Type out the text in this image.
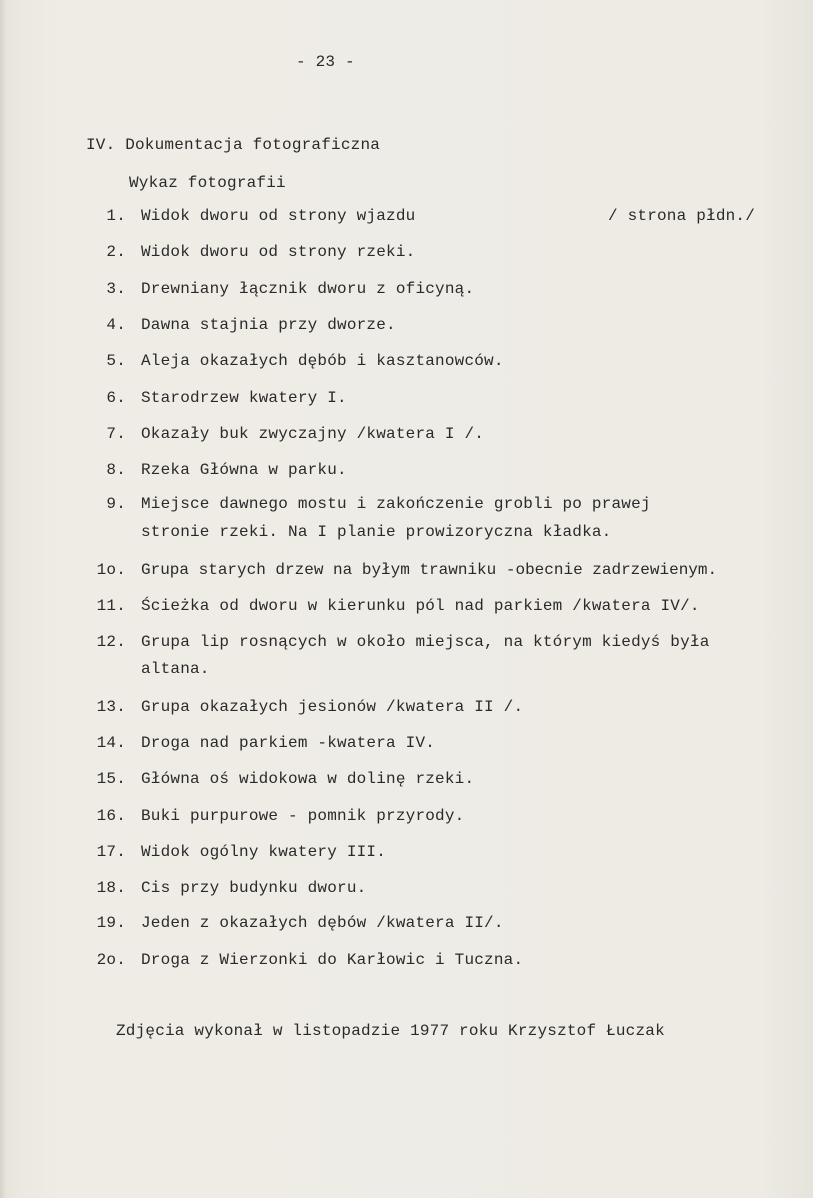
- 23 -
IV. Dokumentacja fotograficzna
Wykaz fotografii
1. Widok dworu od strony wjazdu	/ strona płdn./
2. Widok dworu od strony rzeki.
3. Drewniany łącznik dworu z oficyną.
4. Dawna stajnia przy dworze.
5. Aleja okazałych dębób i kasztanowców.
6. Starodrzew kwatery I.
7. Okazały buk zwyczajny /kwatera I /.
8. Rzeka Główna w parku.
9. Miejsce dawnego mostu i zakończenie grobli po prawej
stronie rzeki. Na I planie prowizoryczna kładka.
1o. Grupa starych drzew na byłym trawniku -obecnie zadrzewienym.
11. Ścieżka od dworu w kierunku pól nad parkiem /kwatera IV/.
12. Grupa lip rosnących w około miejsca, na którym kiedyś była
altana.
13. Grupa okazałych jesionów /kwatera II /.
14. Droga nad parkiem -kwatera IV.
15. Główna oś widokowa w dolinę rzeki.
16. Buki purpurowe - pomnik przyrody.
17. Widok ogólny kwatery III.
18. Cis przy budynku dworu.
19. Jeden z okazałych dębów /kwatera II/.
2o. Droga z Wierzonki do Karłowic i Tuczna.
Zdjęcia wykonał w listopadzie 1977 roku Krzysztof Łuczak
